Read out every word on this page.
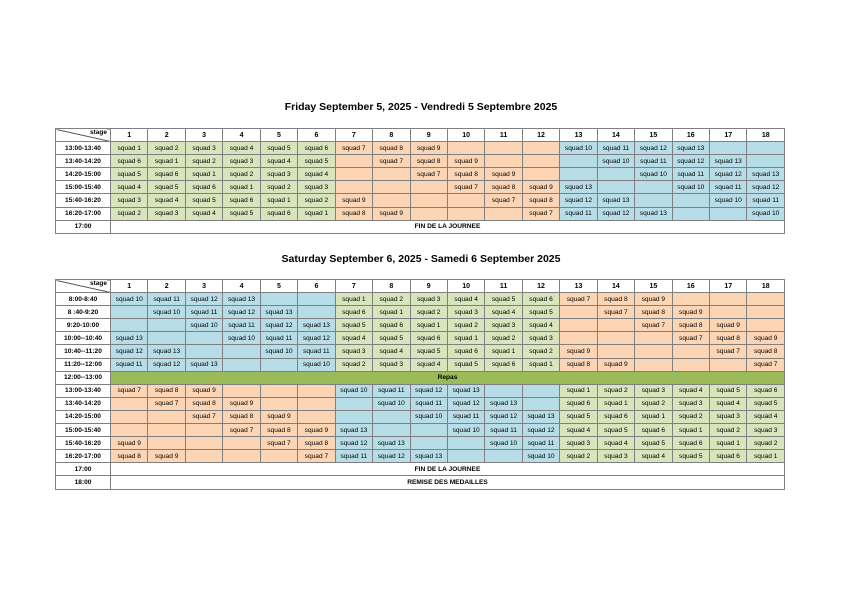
Friday September 5, 2025 - Vendredi 5 Septembre 2025
stage	1	2	3	4	5	6	7	8	9	10	11	12	13	14	15	16	17	18
13:00-13:40	squad 1	squad 2	squad 3	squad 4	squad 5	squad 6	squad 7	squad 8	squad 9				squad 10	squad 11	squad 12	squad 13		
13:40-14:20	squad 6	squad 1	squad 2	squad 3	squad 4	squad 5		squad 7	squad 8	squad 9				squad 10	squad 11	squad 12	squad 13	
14:20-15:00	squad 5	squad 6	squad 1	squad 2	squad 3	squad 4			squad 7	squad 8	squad 9				squad 10	squad 11	squad 12	squad 13
15:00-15:40	squad 4	squad 5	squad 6	squad 1	squad 2	squad 3				squad 7	squad 8	squad 9	squad 13			squad 10	squad 11	squad 12
15:40-16:20	squad 3	squad 4	squad 5	squad 6	squad 1	squad 2	squad 9				squad 7	squad 8	squad 12	squad 13			squad 10	squad 11
16:20-17:00	squad 2	squad 3	squad 4	squad 5	squad 6	squad 1	squad 8	squad 9				squad 7	squad 11	squad 12	squad 13			squad 10
17:00	FIN DE LA JOURNEE																	
Saturday September 6, 2025 - Samedi 6 September 2025
stage	1	2	3	4	5	6	7	8	9	10	11	12	13	14	15	16	17	18
8:00-8:40	squad 10	squad 11	squad 12	squad 13			squad 1	squad 2	squad 3	squad 4	squad 5	squad 6	squad 7	squad 8	squad 9			
8 :40-9:20		squad 10	squad 11	squad 12	squad 13		squad 6	squad 1	squad 2	squad 3	squad 4	squad 5		squad 7	squad 8	squad 9		
9:20-10:00			squad 10	squad 11	squad 12	squad 13	squad 5	squad 6	squad 1	squad 2	squad 3	squad 4			squad 7	squad 8	squad 9	
10:00--10:40	squad 13			squad 10	squad 11	squad 12	squad 4	squad 5	squad 6	squad 1	squad 2	squad 3				squad 7	squad 8	squad 9
10:40--11:20	squad 12	squad 13			squad 10	squad 11	squad 3	squad 4	squad 5	squad 6	squad 1	squad 2	squad 9				squad 7	squad 8
11:20--12:00	squad 11	squad 12	squad 13			squad 10	squad 2	squad 3	squad 4	squad 5	squad 6	squad 1	squad 8	squad 9				squad 7
12:00--13:00	Repas																	
13:00-13:40	squad 7	squad 8	squad 9				squad 10	squad 11	squad 12	squad 13			squad 1	squad 2	squad 3	squad 4	squad 5	squad 6
13:40-14:20		squad 7	squad 8	squad 9				squad 10	squad 11	squad 12	squad 13		squad 6	squad 1	squad 2	squad 3	squad 4	squad 5
14:20-15:00			squad 7	squad 8	squad 9				squad 10	squad 11	squad 12	squad 13	squad 5	squad 6	squad 1	squad 2	squad 3	squad 4
15:00-15:40				squad 7	squad 8	squad 9	squad 13			squad 10	squad 11	squad 12	squad 4	squad 5	squad 6	squad 1	squad 2	squad 3
15:40-16:20	squad 9				squad 7	squad 8	squad 12	squad 13			squad 10	squad 11	squad 3	squad 4	squad 5	squad 6	squad 1	squad 2
16:20-17:00	squad 8	squad 9				squad 7	squad 11	squad 12	squad 13			squad 10	squad 2	squad 3	squad 4	squad 5	squad 6	squad 1
17:00	FIN DE LA JOURNEE																	
18:00	REMISE DES MEDAILLES																	
